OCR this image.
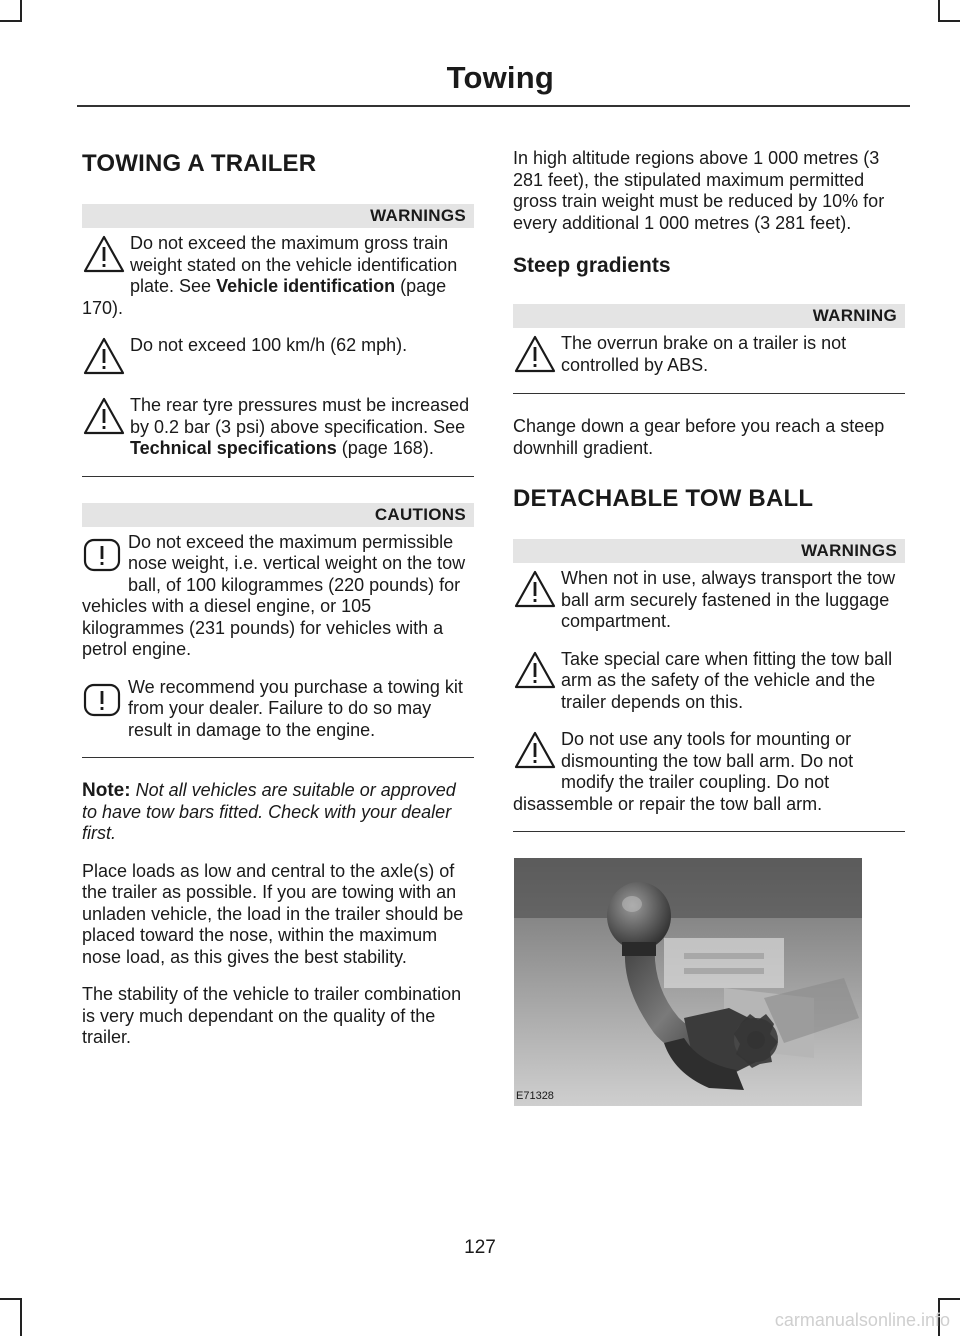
Towing
TOWING A TRAILER
WARNINGS
Do not exceed the maximum gross train weight stated on the vehicle identification plate. See Vehicle identification (page 170).
Do not exceed 100 km/h (62 mph).
The rear tyre pressures must be increased by 0.2 bar (3 psi) above specification. See Technical specifications (page 168).
CAUTIONS
Do not exceed the maximum permissible nose weight, i.e. vertical weight on the tow ball, of 100 kilogrammes (220 pounds) for vehicles with a diesel engine, or 105 kilogrammes (231 pounds) for vehicles with a petrol engine.
We recommend you purchase a towing kit from your dealer. Failure to do so may result in damage to the engine.

Note: Not all vehicles are suitable or approved to have tow bars fitted. Check with your dealer first.

Place loads as low and central to the axle(s) of the trailer as possible. If you are towing with an unladen vehicle, the load in the trailer should be placed toward the nose, within the maximum nose load, as this gives the best stability.

The stability of the vehicle to trailer combination is very much dependant on the quality of the trailer.

In high altitude regions above 1 000 metres (3 281 feet), the stipulated maximum permitted gross train weight must be reduced by 10% for every additional 1 000 metres (3 281 feet).

Steep gradients
WARNING
The overrun brake on a trailer is not controlled by ABS.

Change down a gear before you reach a steep downhill gradient.

DETACHABLE TOW BALL
WARNINGS
When not in use, always transport the tow ball arm securely fastened in the luggage compartment.
Take special care when fitting the tow ball arm as the safety of the vehicle and the trailer depends on this.
Do not use any tools for mounting or dismounting the tow ball arm. Do not modify the trailer coupling. Do not disassemble or repair the tow ball arm.
E71328
127
carmanualsonline.info
